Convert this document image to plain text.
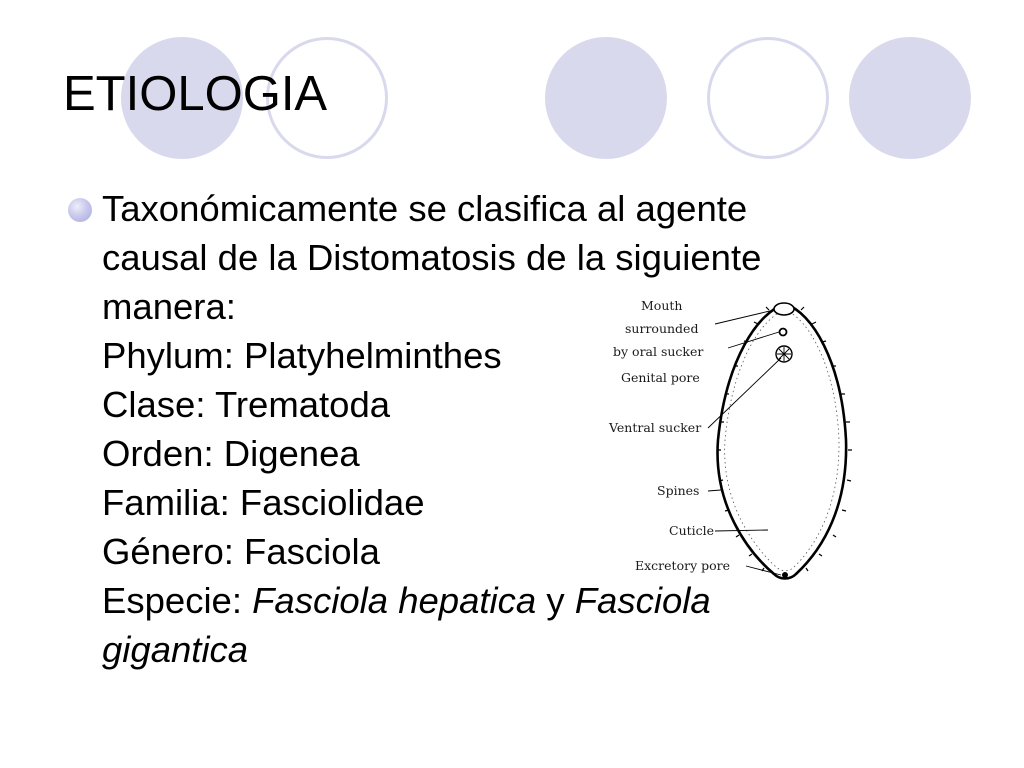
ETIOLOGIA
Taxonómicamente se clasifica al agente
causal de la Distomatosis de la siguiente
manera:
Phylum: Platyhelminthes
Clase: Trematoda
Orden: Digenea
Familia: Fasciolidae
Género: Fasciola
Especie: Fasciola hepatica y Fasciola
gigantica
Mouth
surrounded
by oral sucker
Genital pore
Ventral sucker
Spines
Cuticle
Excretory pore
